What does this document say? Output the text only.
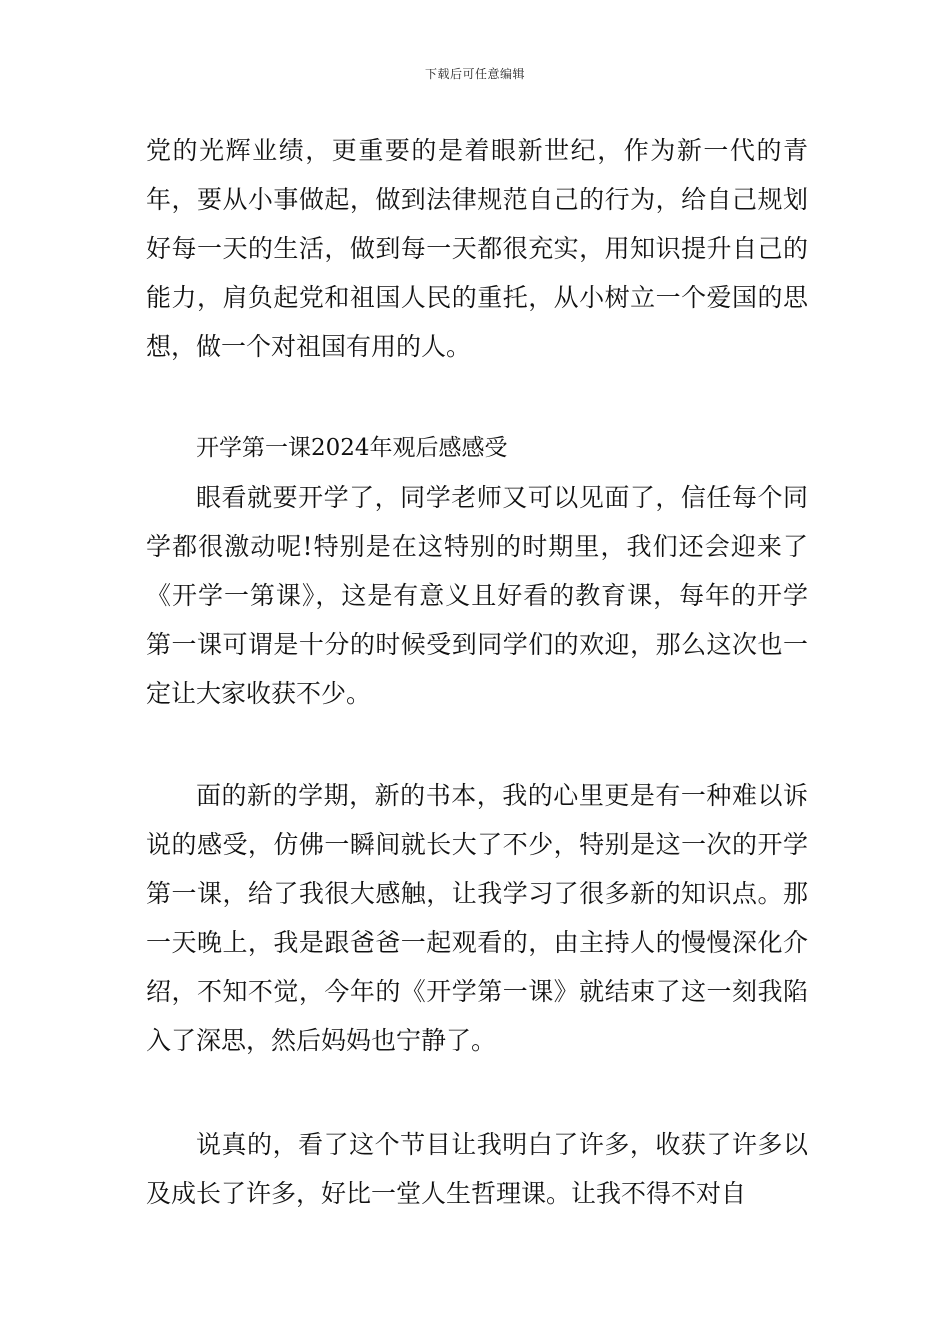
下载后可任意编辑

党的光辉业绩，更重要的是着眼新世纪，作为新一代的青年，要从小事做起，做到法律规范自己的行为，给自己规划好每一天的生活，做到每一天都很充实，用知识提升自己的能力，肩负起党和祖国人民的重托，从小树立一个爱国的思想，做一个对祖国有用的人。

开学第一课2024年观后感感受

眼看就要开学了，同学老师又可以见面了，信任每个同学都很激动呢!特别是在这特别的时期里，我们还会迎来了《开学一第课》，这是有意义且好看的教育课，每年的开学第一课可谓是十分的时候受到同学们的欢迎，那么这次也一定让大家收获不少。

面的新的学期，新的书本，我的心里更是有一种难以诉说的感受，仿佛一瞬间就长大了不少，特别是这一次的开学第一课，给了我很大感触，让我学习了很多新的知识点。那一天晚上，我是跟爸爸一起观看的，由主持人的慢慢深化介绍，不知不觉，今年的《开学第一课》就结束了这一刻我陷入了深思，然后妈妈也宁静了。

说真的，看了这个节目让我明白了许多，收获了许多以及成长了许多，好比一堂人生哲理课。让我不得不对自
